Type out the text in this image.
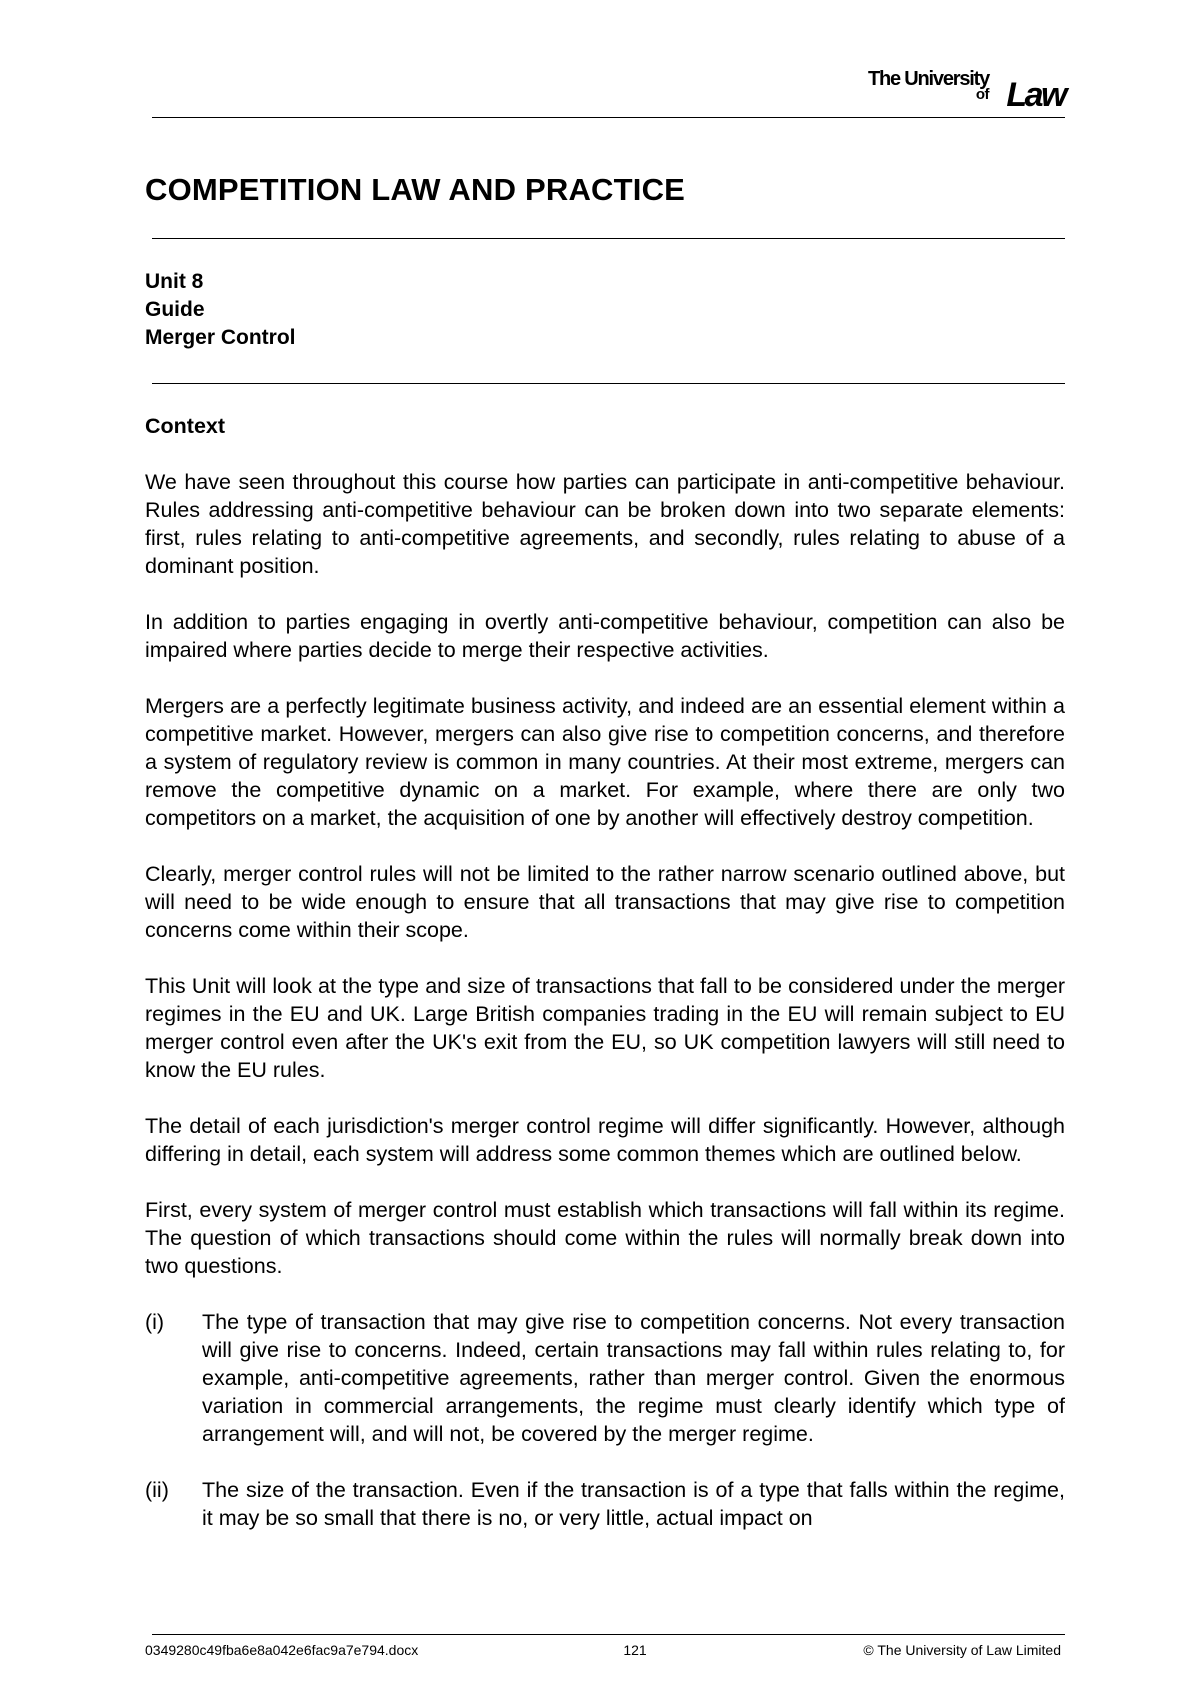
The University
of Law
COMPETITION LAW AND PRACTICE
Unit 8
Guide
Merger Control

Context

We have seen throughout this course how parties can participate in anti-competitive behaviour. Rules addressing anti-competitive behaviour can be broken down into two separate elements: first, rules relating to anti-competitive agreements, and secondly, rules relating to abuse of a dominant position.

In addition to parties engaging in overtly anti-competitive behaviour, competition can also be impaired where parties decide to merge their respective activities.

Mergers are a perfectly legitimate business activity, and indeed are an essential element within a competitive market. However, mergers can also give rise to competition concerns, and therefore a system of regulatory review is common in many countries. At their most extreme, mergers can remove the competitive dynamic on a market. For example, where there are only two competitors on a market, the acquisition of one by another will effectively destroy competition.

Clearly, merger control rules will not be limited to the rather narrow scenario outlined above, but will need to be wide enough to ensure that all transactions that may give rise to competition concerns come within their scope.

This Unit will look at the type and size of transactions that fall to be considered under the merger regimes in the EU and UK. Large British companies trading in the EU will remain subject to EU merger control even after the UK's exit from the EU, so UK competition lawyers will still need to know the EU rules.

The detail of each jurisdiction's merger control regime will differ significantly. However, although differing in detail, each system will address some common themes which are outlined below.

First, every system of merger control must establish which transactions will fall within its regime. The question of which transactions should come within the rules will normally break down into two questions.

(i) The type of transaction that may give rise to competition concerns. Not every transaction will give rise to concerns. Indeed, certain transactions may fall within rules relating to, for example, anti-competitive agreements, rather than merger control. Given the enormous variation in commercial arrangements, the regime must clearly identify which type of arrangement will, and will not, be covered by the merger regime.
(ii) The size of the transaction. Even if the transaction is of a type that falls within the regime, it may be so small that there is no, or very little, actual impact on
0349280c49fba6e8a042e6fac9a7e794.docx	121	© The University of Law Limited
